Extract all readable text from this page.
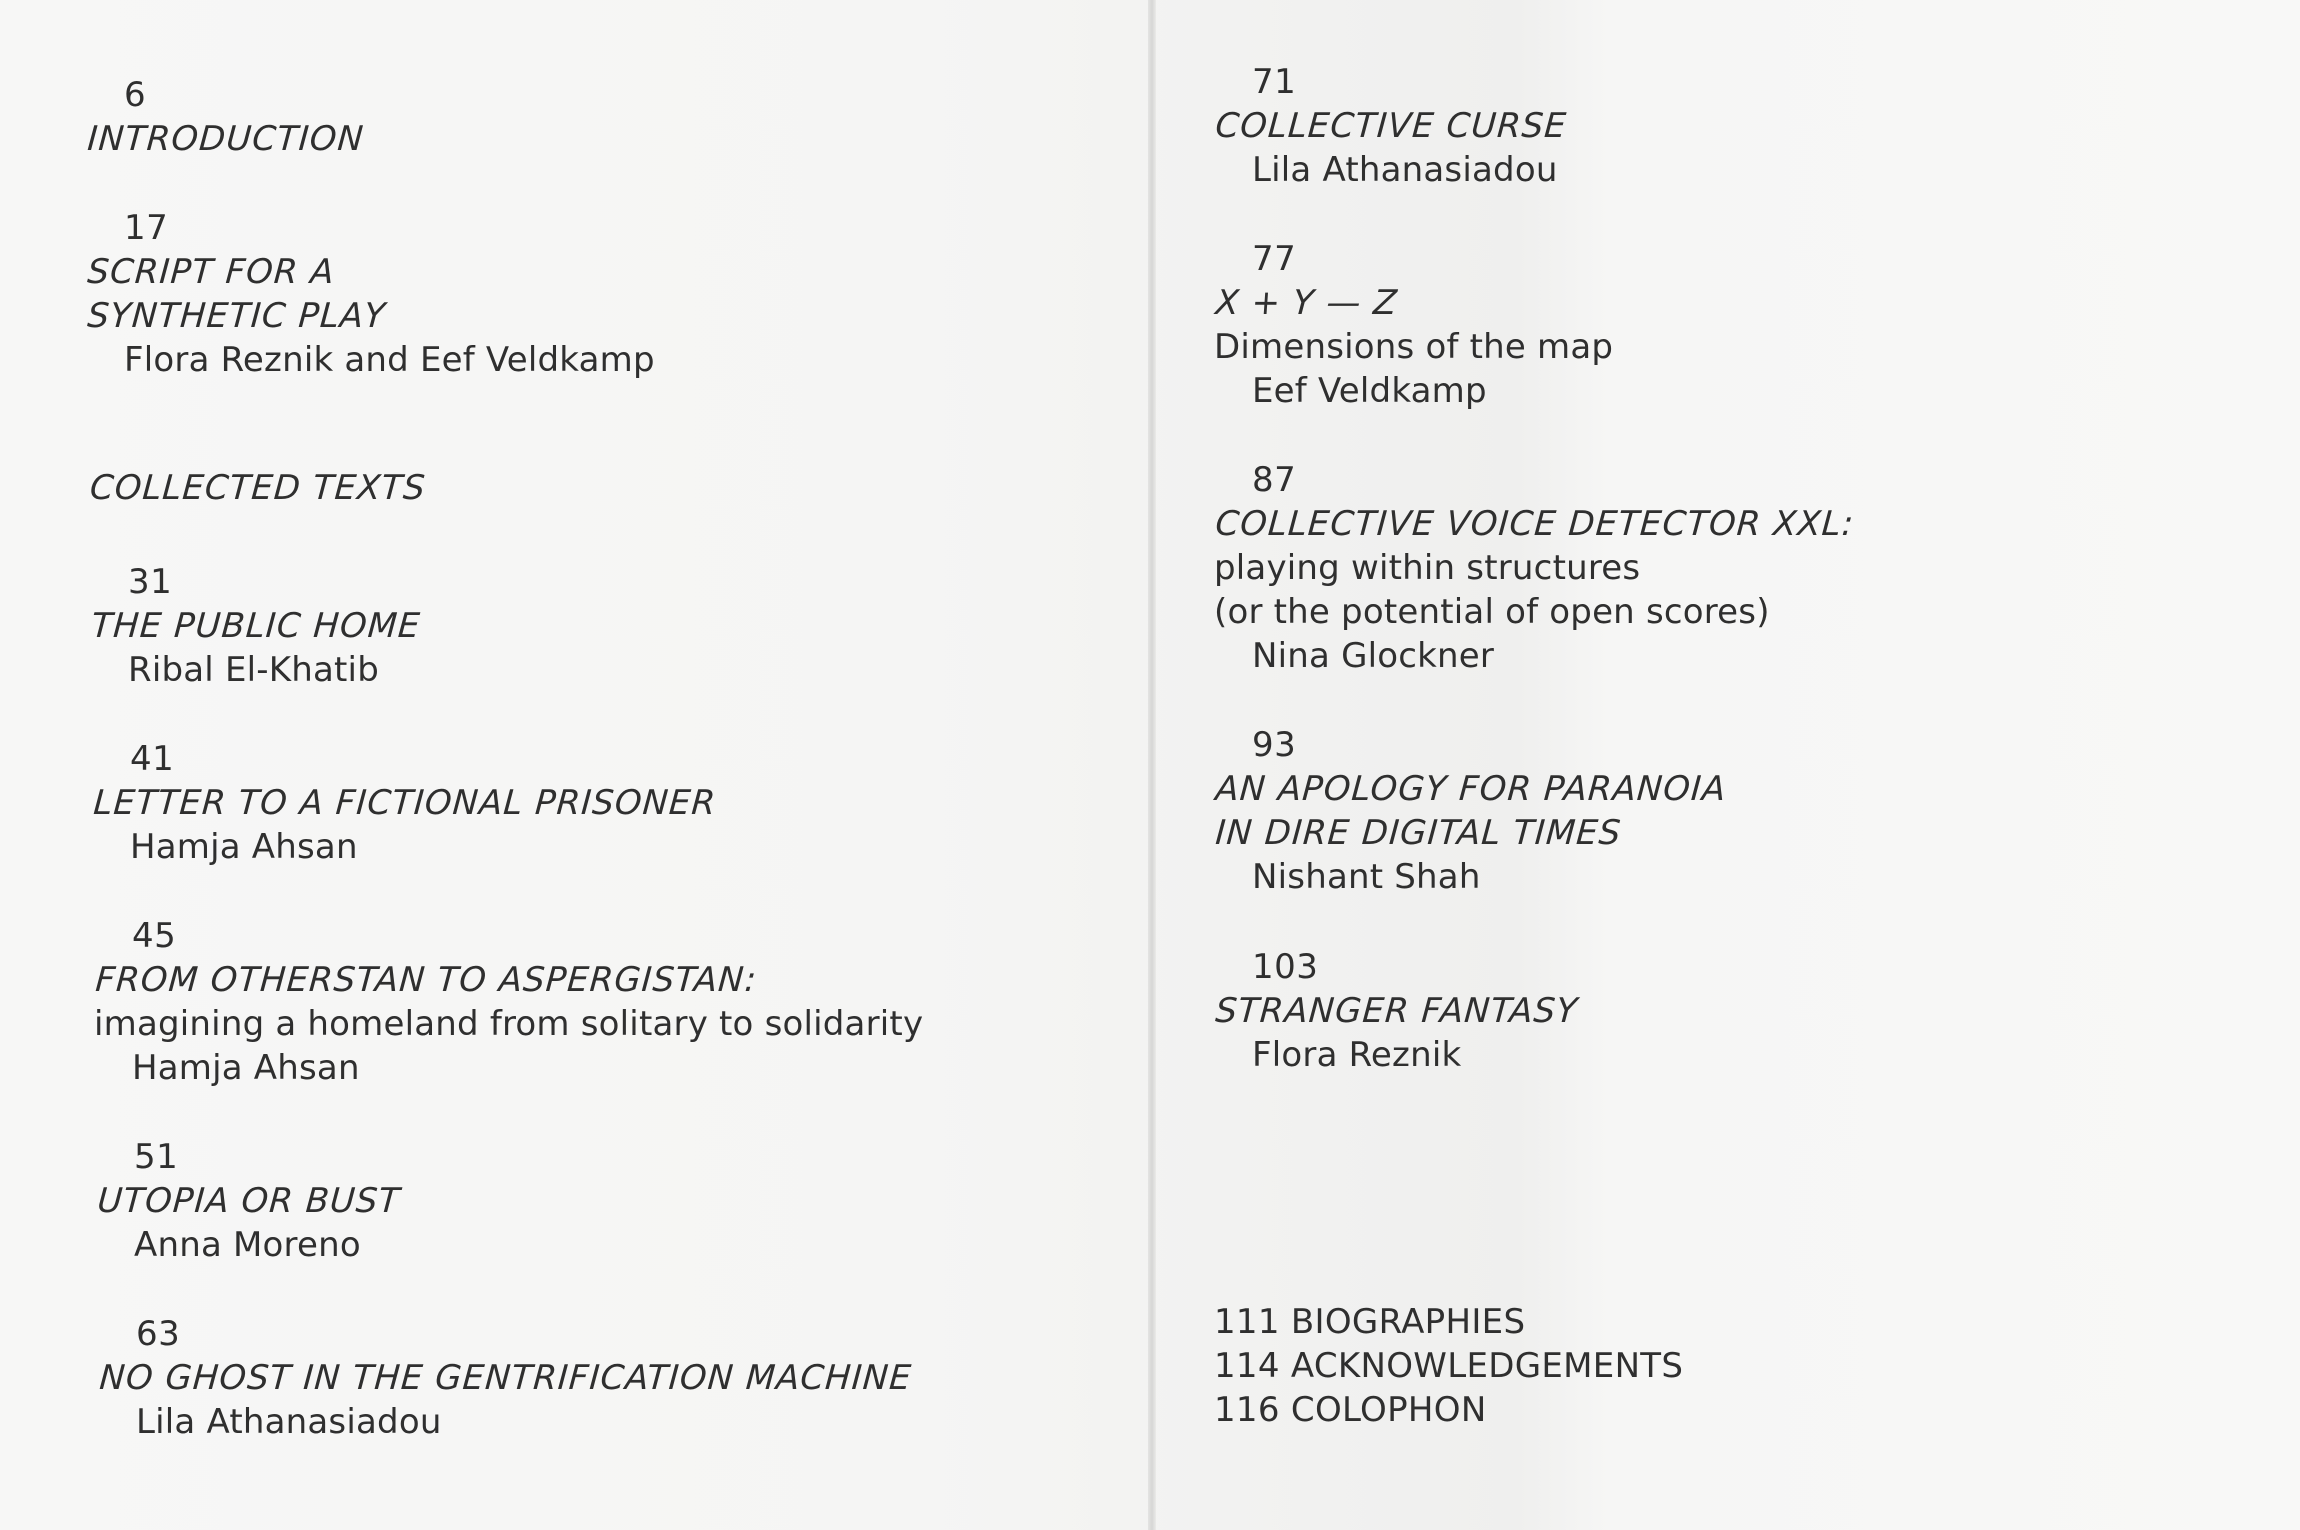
6
INTRODUCTION
17
SCRIPT FOR A
SYNTHETIC PLAY
Flora Reznik and Eef Veldkamp
COLLECTED TEXTS
31
THE PUBLIC HOME
Ribal El-Khatib
41
LETTER TO A FICTIONAL PRISONER
Hamja Ahsan
45
FROM OTHERSTAN TO ASPERGISTAN:
imagining a homeland from solitary to solidarity
Hamja Ahsan
51
UTOPIA OR BUST
Anna Moreno
63
NO GHOST IN THE GENTRIFICATION MACHINE
Lila Athanasiadou
71
COLLECTIVE CURSE
Lila Athanasiadou
77
X + Y — Z
Dimensions of the map
Eef Veldkamp
87
COLLECTIVE VOICE DETECTOR XXL:
playing within structures
(or the potential of open scores)
Nina Glockner
93
AN APOLOGY FOR PARANOIA
IN DIRE DIGITAL TIMES
Nishant Shah
103
STRANGER FANTASY
Flora Reznik
111 BIOGRAPHIES
114 ACKNOWLEDGEMENTS
116 COLOPHON
